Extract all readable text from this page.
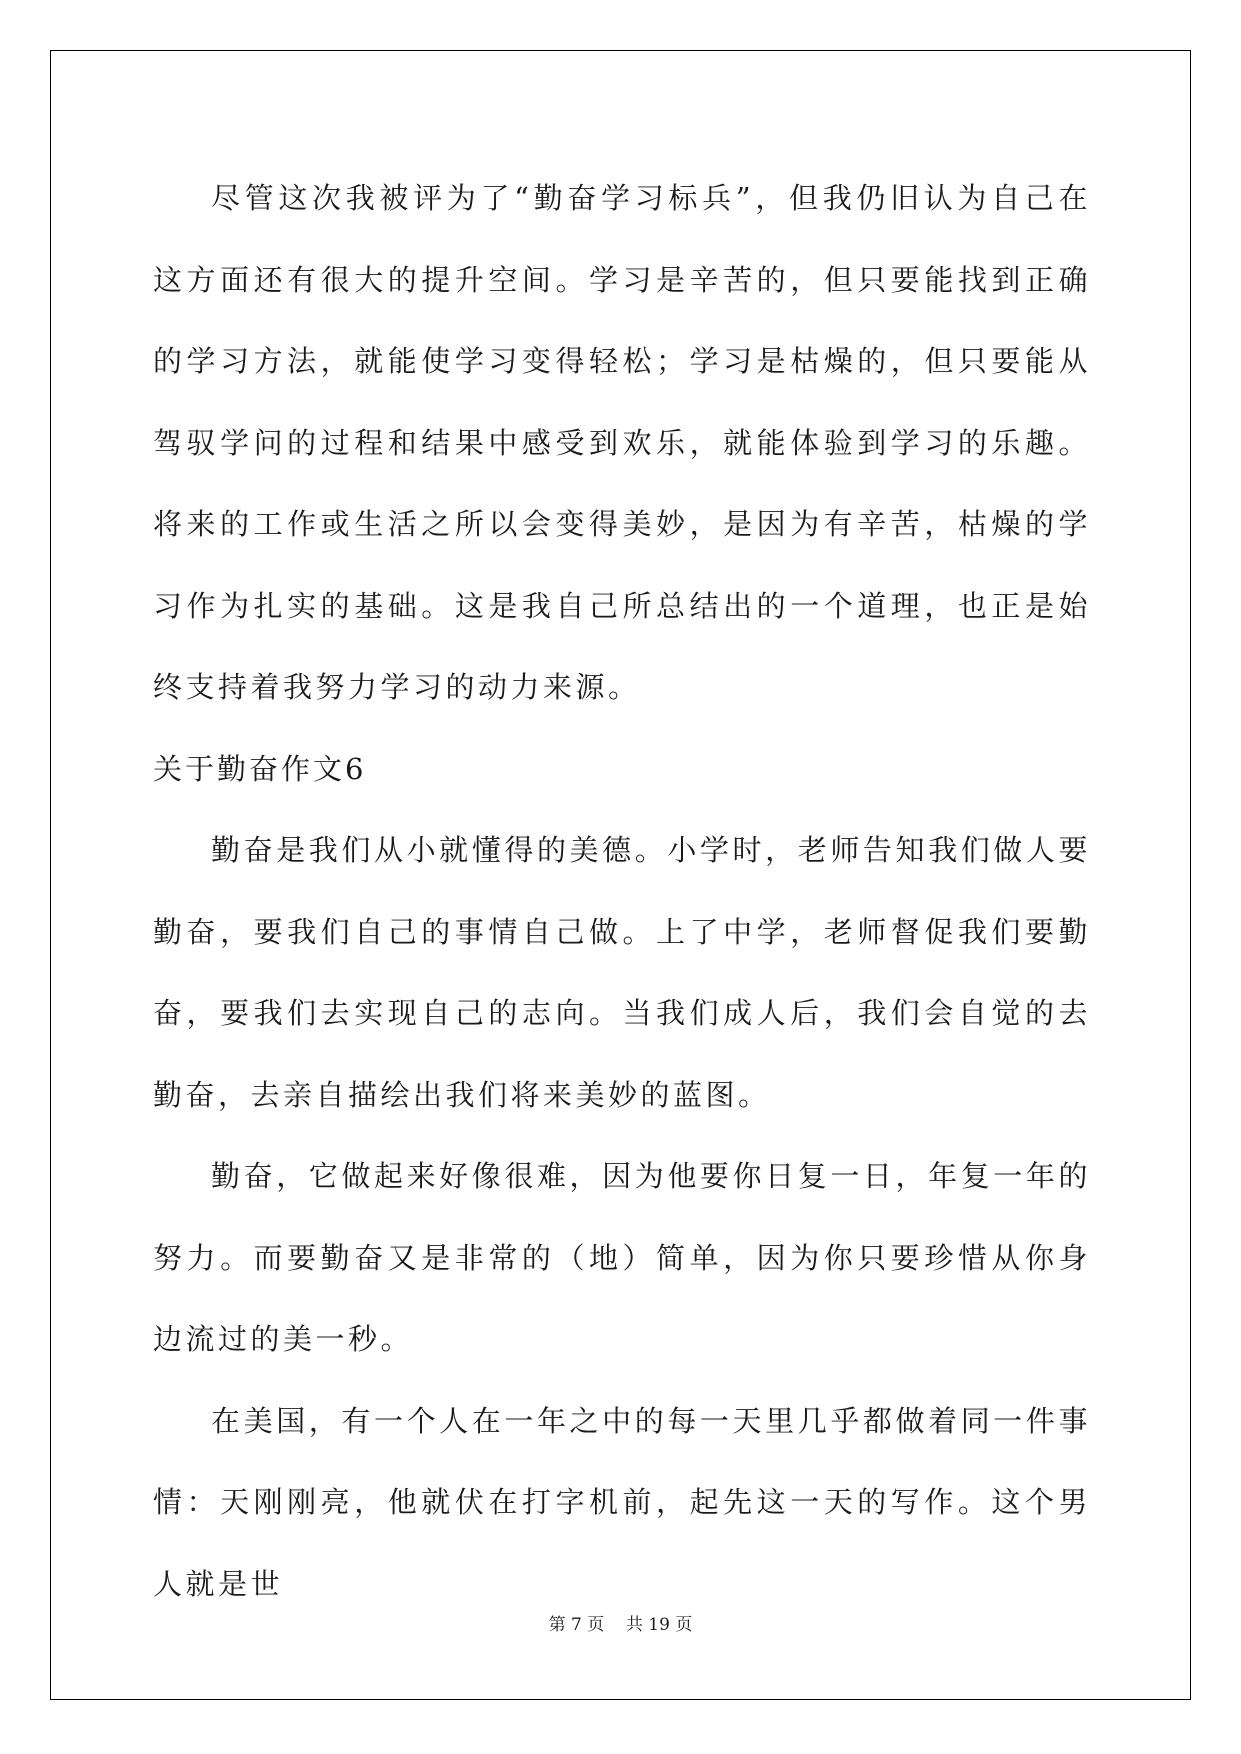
尽管这次我被评为了“勤奋学习标兵”，但我仍旧认为自己在这方面还有很大的提升空间。学习是辛苦的，但只要能找到正确的学习方法，就能使学习变得轻松；学习是枯燥的，但只要能从驾驭学问的过程和结果中感受到欢乐，就能体验到学习的乐趣。将来的工作或生活之所以会变得美妙，是因为有辛苦，枯燥的学习作为扎实的基础。这是我自己所总结出的一个道理，也正是始终支持着我努力学习的动力来源。

关于勤奋作文6

勤奋是我们从小就懂得的美德。小学时，老师告知我们做人要勤奋，要我们自己的事情自己做。上了中学，老师督促我们要勤奋，要我们去实现自己的志向。当我们成人后，我们会自觉的去勤奋，去亲自描绘出我们将来美妙的蓝图。

勤奋，它做起来好像很难，因为他要你日复一日，年复一年的努力。而要勤奋又是非常的（地）简单，因为你只要珍惜从你身边流过的美一秒。

在美国，有一个人在一年之中的每一天里几乎都做着同一件事情：天刚刚亮，他就伏在打字机前，起先这一天的写作。这个男人就是世

第 7 页    共 19 页
